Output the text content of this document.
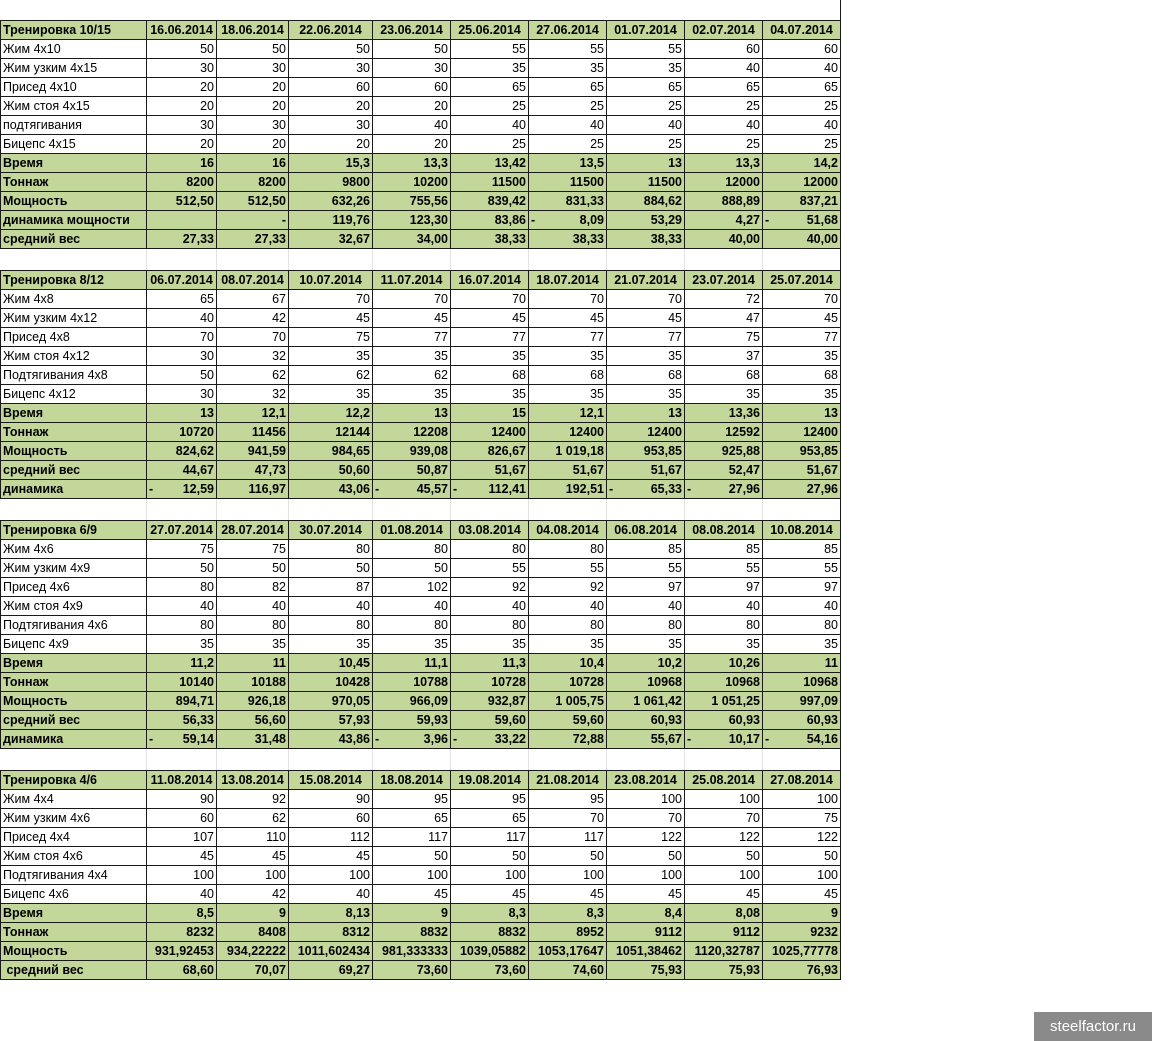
Тренировка 10/15	16.06.2014	18.06.2014	22.06.2014	23.06.2014	25.06.2014	27.06.2014	01.07.2014	02.07.2014	04.07.2014
Жим 4х10	50	50	50	50	55	55	55	60	60
Жим узким 4х15	30	30	30	30	35	35	35	40	40
Присед 4х10	20	20	60	60	65	65	65	65	65
Жим стоя 4х15	20	20	20	20	25	25	25	25	25
подтягивания	30	30	30	40	40	40	40	40	40
Бицепс 4х15	20	20	20	20	25	25	25	25	25
Время	16	16	15,3	13,3	13,42	13,5	13	13,3	14,2
Тоннаж	8200	8200	9800	10200	11500	11500	11500	12000	12000
Мощность	512,50	512,50	632,26	755,56	839,42	831,33	884,62	888,89	837,21
динамика мощности		-	119,76	123,30	83,86	- 8,09	53,29	4,27	- 51,68

средний вес	27,33	27,33	32,67	34,00	38,33	38,33	38,33	40,00	40,00

Тренировка 8/12	06.07.2014	08.07.2014	10.07.2014	11.07.2014	16.07.2014	18.07.2014	21.07.2014	23.07.2014	25.07.2014
Жим 4х8	65	67	70	70	70	70	70	72	70
Жим узким 4х12	40	42	45	45	45	45	45	47	45
Присед 4х8	70	70	75	77	77	77	77	75	77
Жим стоя 4х12	30	32	35	35	35	35	35	37	35
Подтягивания 4х8	50	62	62	62	68	68	68	68	68
Бицепс 4х12	30	32	35	35	35	35	35	35	35
Время	13	12,1	12,2	13	15	12,1	13	13,36	13
Тоннаж	10720	11456	12144	12208	12400	12400	12400	12592	12400
Мощность	824,62	941,59	984,65	939,08	826,67	1 019,18	953,85	925,88	953,85
средний вес	44,67	47,73	50,60	50,87	51,67	51,67	51,67	52,47	51,67
динамика	- 12,59	116,97	43,06	- 45,57	- 112,41	192,51	- 65,33	- 27,96	27,96

Тренировка 6/9	27.07.2014	28.07.2014	30.07.2014	01.08.2014	03.08.2014	04.08.2014	06.08.2014	08.08.2014	10.08.2014
Жим 4х6	75	75	80	80	80	80	85	85	85
Жим узким 4х9	50	50	50	50	55	55	55	55	55
Присед 4х6	80	82	87	102	92	92	97	97	97
Жим стоя 4х9	40	40	40	40	40	40	40	40	40
Подтягивания 4х6	80	80	80	80	80	80	80	80	80
Бицепс 4х9	35	35	35	35	35	35	35	35	35
Время	11,2	11	10,45	11,1	11,3	10,4	10,2	10,26	11
Тоннаж	10140	10188	10428	10788	10728	10728	10968	10968	10968
Мощность	894,71	926,18	970,05	966,09	932,87	1 005,75	1 061,42	1 051,25	997,09
средний вес	56,33	56,60	57,93	59,93	59,60	59,60	60,93	60,93	60,93
динамика	- 59,14	31,48	43,86	- 3,96	- 33,22	72,88	55,67	- 10,17	- 54,16

Тренировка 4/6	11.08.2014	13.08.2014	15.08.2014	18.08.2014	19.08.2014	21.08.2014	23.08.2014	25.08.2014	27.08.2014
Жим 4х4	90	92	90	95	95	95	100	100	100
Жим узким 4х6	60	62	60	65	65	70	70	70	75
Присед 4х4	107	110	112	117	117	117	122	122	122
Жим стоя 4х6	45	45	45	50	50	50	50	50	50
Подтягивания 4х4	100	100	100	100	100	100	100	100	100
Бицепс 4х6	40	42	40	45	45	45	45	45	45
Время	8,5	9	8,13	9	8,3	8,3	8,4	8,08	9
Тоннаж	8232	8408	8312	8832	8832	8952	9112	9112	9232
Мощность	931,92453	934,22222	1011,602434	981,333333	1039,05882	1053,17647	1051,38462	1120,32787	1025,77778
средний вес	68,60	70,07	69,27	73,60	73,60	74,60	75,93	75,93	76,93
steelfactor.ru
